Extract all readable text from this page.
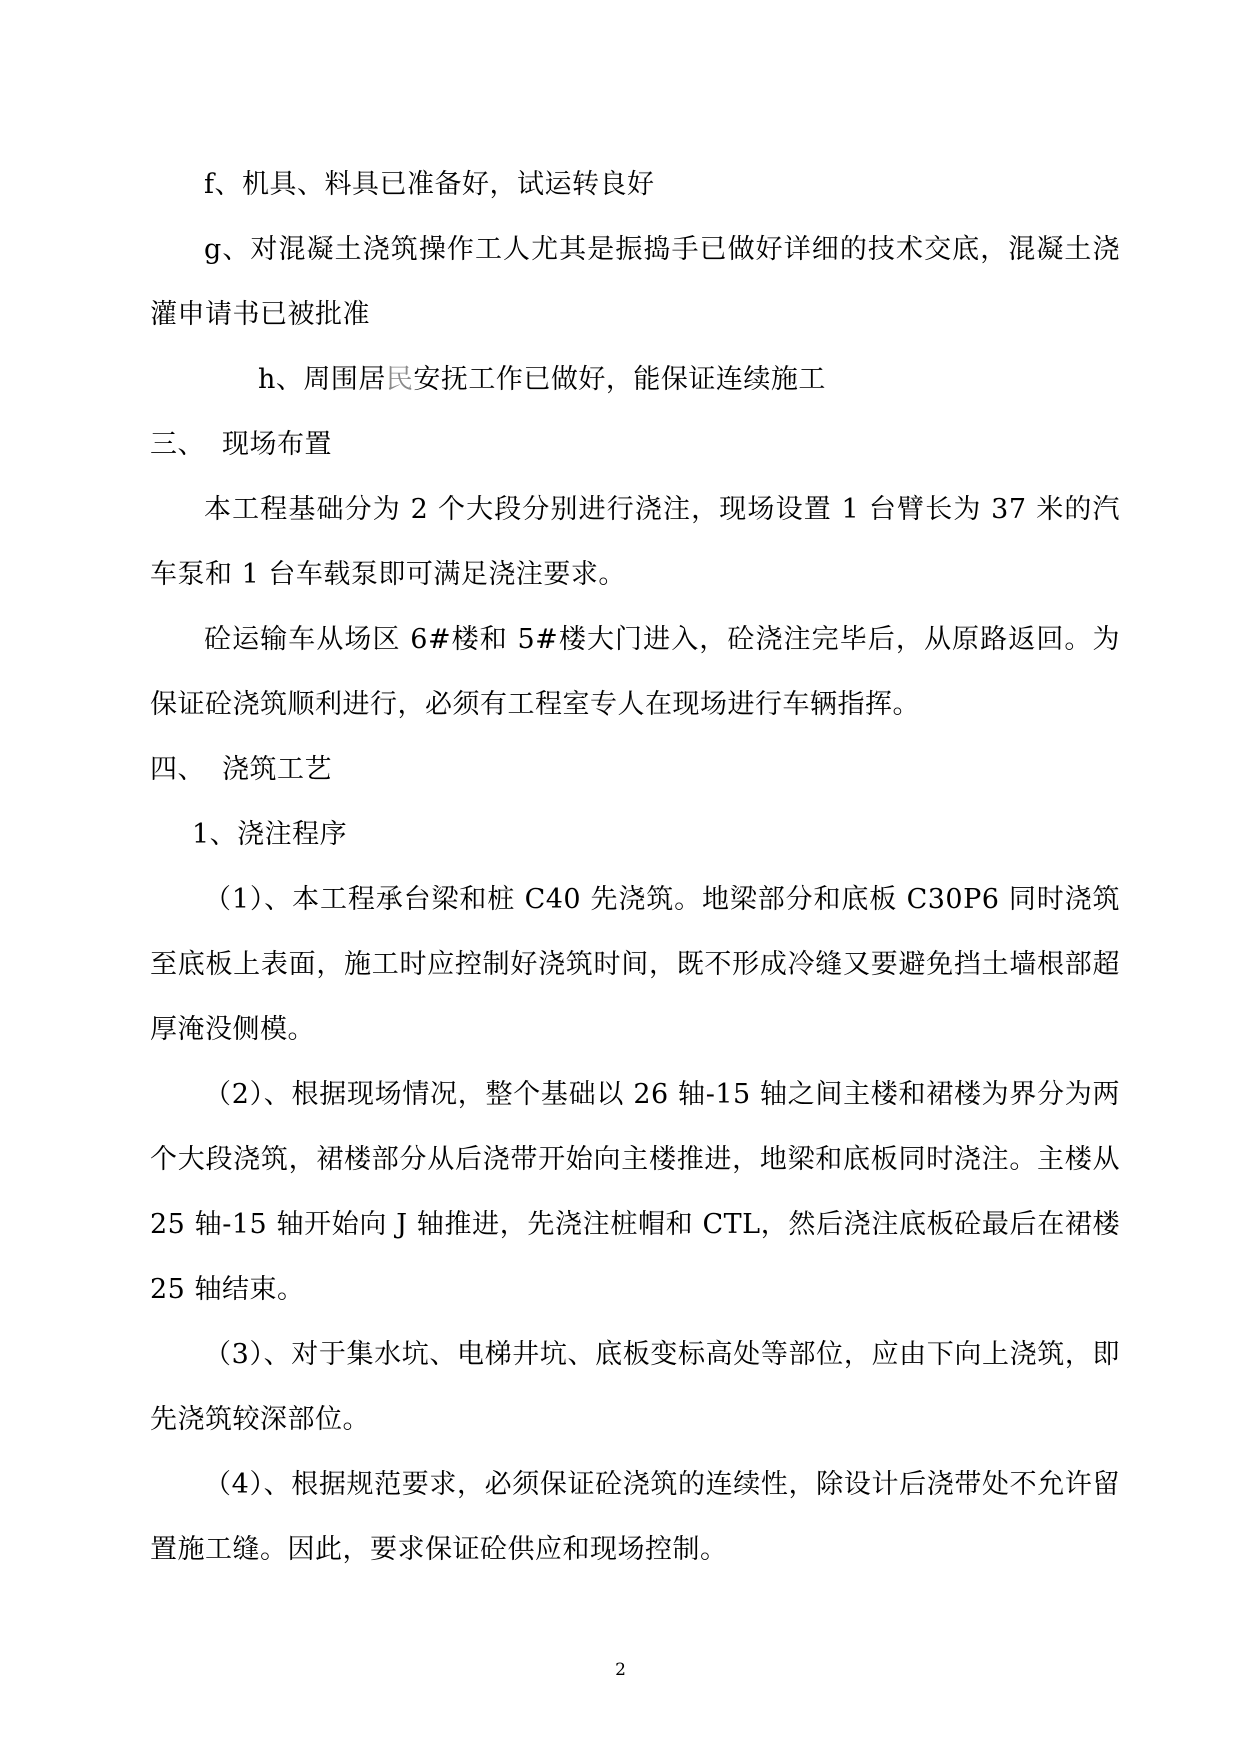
f、机具、料具已准备好，试运转良好

g、对混凝土浇筑操作工人尤其是振捣手已做好详细的技术交底，混凝土浇灌申请书已被批准

h、周围居民安抚工作已做好，能保证连续施工

三、 现场布置

本工程基础分为 2 个大段分别进行浇注，现场设置 1 台臂长为 37 米的汽车泵和 1 台车载泵即可满足浇注要求。

砼运输车从场区 6#楼和 5#楼大门进入，砼浇注完毕后，从原路返回。为保证砼浇筑顺利进行，必须有工程室专人在现场进行车辆指挥。

四、 浇筑工艺

1、浇注程序

（1）、本工程承台梁和桩 C40 先浇筑。地梁部分和底板 C30P6 同时浇筑至底板上表面，施工时应控制好浇筑时间，既不形成冷缝又要避免挡土墙根部超厚淹没侧模。

（2）、根据现场情况，整个基础以 26 轴-15 轴之间主楼和裙楼为界分为两个大段浇筑，裙楼部分从后浇带开始向主楼推进，地梁和底板同时浇注。主楼从 25 轴-15 轴开始向 J 轴推进，先浇注桩帽和 CTL，然后浇注底板砼最后在裙楼 25 轴结束。

（3）、对于集水坑、电梯井坑、底板变标高处等部位，应由下向上浇筑，即先浇筑较深部位。

（4）、根据规范要求，必须保证砼浇筑的连续性，除设计后浇带处不允许留置施工缝。因此，要求保证砼供应和现场控制。

2
